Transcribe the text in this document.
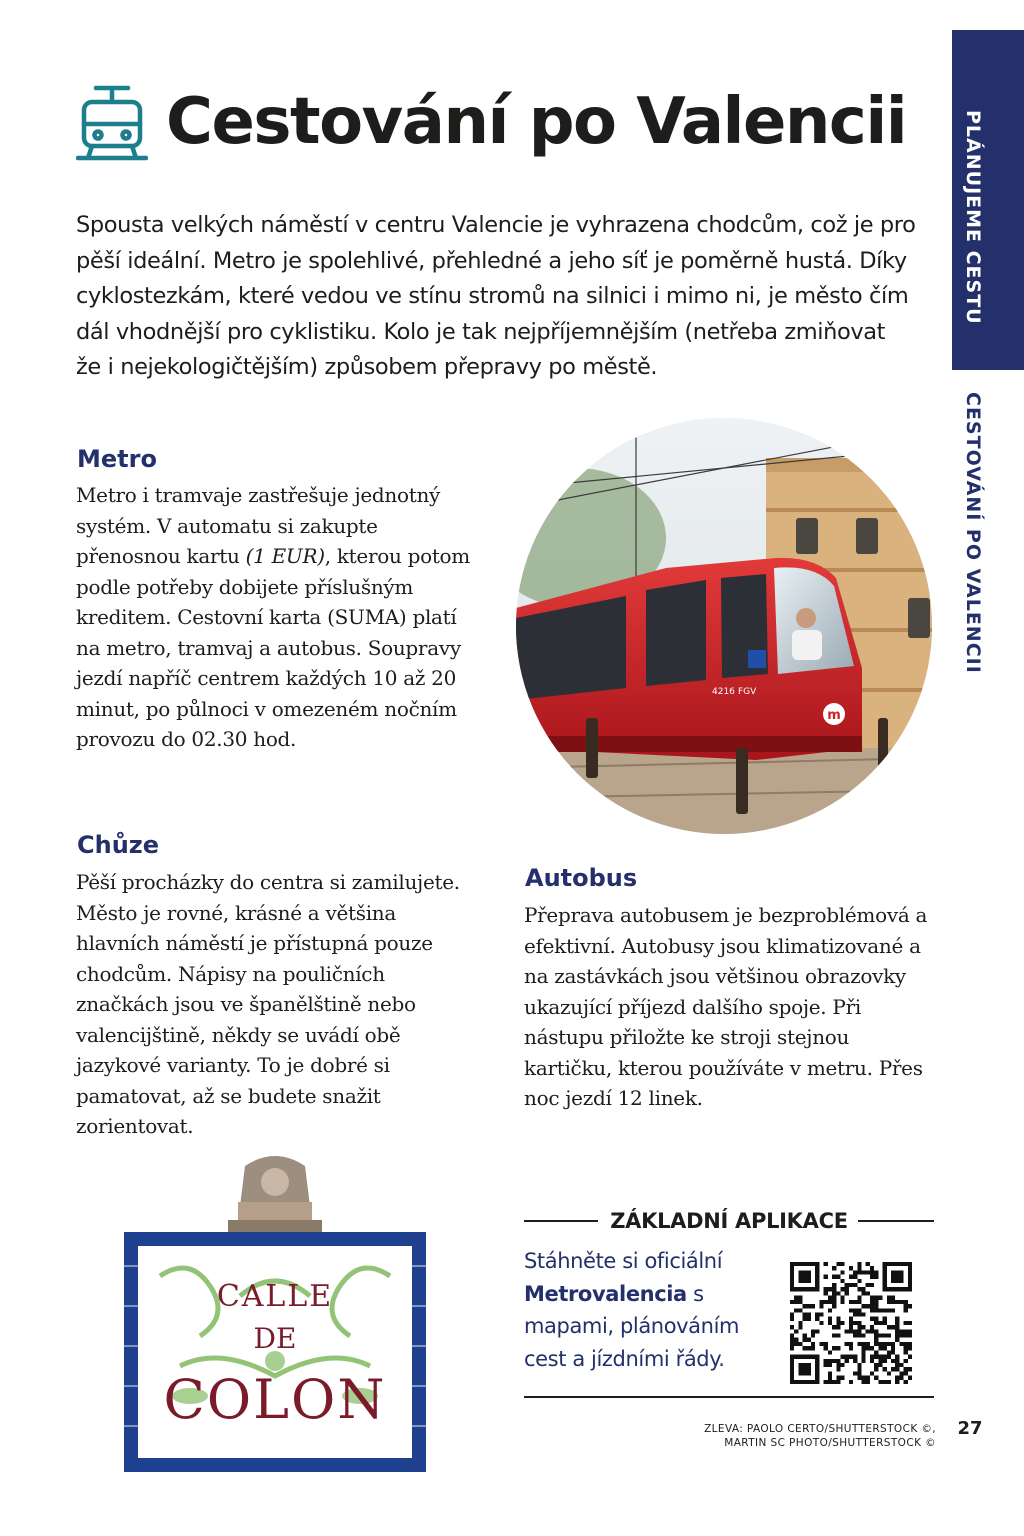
Cestování po Valencii	PLÁNUJEME CESTU
CESTOVÁNÍ PO VALENCII
Spousta velkých náměstí v centru Valencie je vyhrazena chodcům, což je pro pěší ideální. Metro je spolehlivé, přehledné a jeho síť je poměrně hustá. Díky cyklostezkám, které vedou ve stínu stromů na silnici i mimo ni, je město čím dál vhodnější pro cyklistiku. Kolo je tak nejpříjemnějším (netřeba zmiňovat že i nejekologičtějším) způsobem přepravy po městě.
Metro
Metro i tramvaje zastřešuje jednotný systém. V automatu si zakupte přenosnou kartu (1 EUR), kterou potom podle potřeby dobijete příslušným kreditem. Cestovní karta (SUMA) platí na metro, tramvaj a autobus. Soupravy jezdí napříč centrem každých 10 až 20 minut, po půlnoci v omezeném nočním provozu do 02.30 hod.
m
4216 FGV
Chůze
Pěší procházky do centra si zamilujete. Město je rovné, krásné a většina hlavních náměstí je přístupná pouze chodcům. Nápisy na pouličních značkách jsou ve španělštině nebo valencijštině, někdy se uvádí obě jazykové varianty. To je dobré si pamatovat, až se budete snažit zorientovat.
Autobus
Přeprava autobusem je bezproblémová a efektivní. Autobusy jsou klimatizované a na zastávkách jsou většinou obrazovky ukazující příjezd dalšího spoje. Při nástupu přiložte ke stroji stejnou kartičku, kterou používáte v metru. Přes noc jezdí 12 linek.
CALLE
DE
COLON
ZÁKLADNÍ APLIKACE
Stáhněte si oficiální Metrovalencia s mapami, plánováním cest a jízdními řády.
ZLEVA: PAOLO CERTO/SHUTTERSTOCK ©,
MARTIN SC PHOTO/SHUTTERSTOCK ©
27
